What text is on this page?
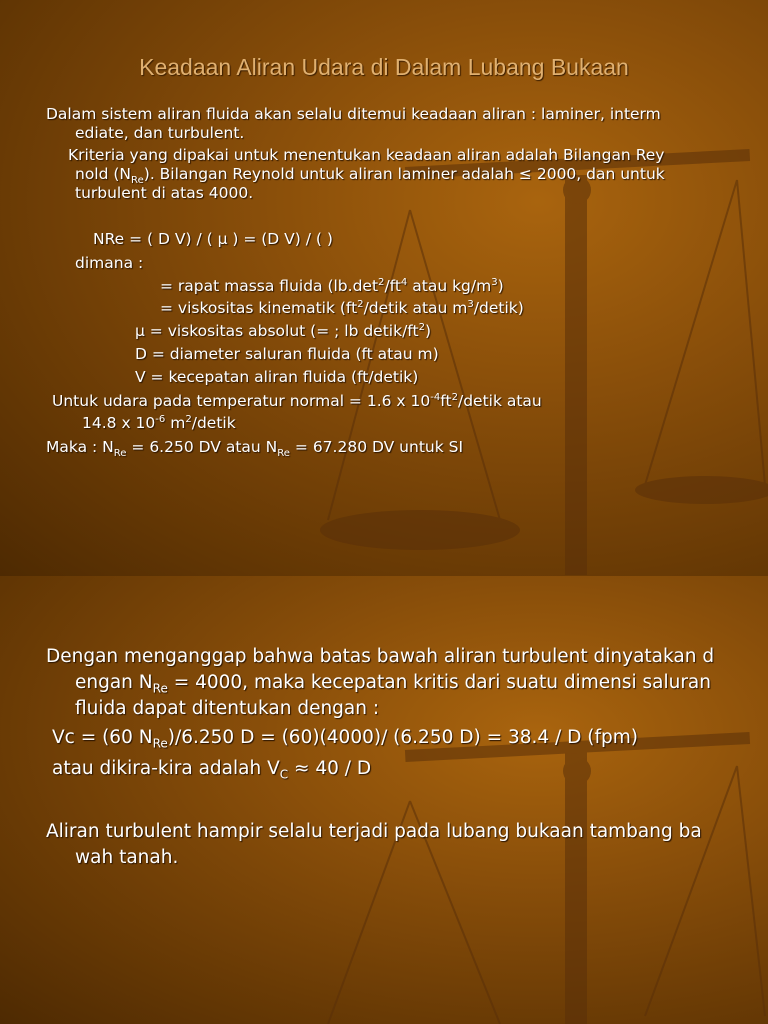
Keadaan Aliran Udara di Dalam Lubang Bukaan
Dalam sistem aliran fluida akan selalu ditemui keadaan aliran : laminer, interm
ediate, dan turbulent.
Kriteria yang dipakai untuk menentukan keadaan aliran adalah Bilangan Rey
nold $(N_{Re})$. Bilangan Reynold untuk aliran laminer adalah ≤ 2000, dan untuk
turbulent di atas 4000.
NRe = ( D V) / ( μ ) = (D V) / ( )
dimana :
= rapat massa fluida ($lb.\det^2/ft^4$ atau $kg/m^3$)
= viskositas kinematik ($ft^2$/detik atau $m^3/detik$)
μ = viskositas absolut (= ; lb detik/$ft^2$)
D = diameter saluran fluida (ft atau m)
V = kecepatan aliran fluida (ft/detik)
Untuk udara pada temperatur normal = 1.6 x $10^{-4}ft^2$/detik atau
14.8 x $10^{-6}$ $m^2$/detik
Maka : $N_{Re} = 6.250$ DV atau $N_{Re} = 67.280$ DV untuk SI
Dengan menganggap bahwa batas bawah aliran turbulent dinyatakan d
engan $N_{Re} = 4000$, maka kecepatan kritis dari suatu dimensi saluran
fluida dapat ditentukan dengan :
Vc = (60 $N_{Re})/6.250$ D = (60)(4000)/ (6.250 D) = 38.4 / D (fpm)
atau dikira-kira adalah $V_C \approx 40 / D$
Aliran turbulent hampir selalu terjadi pada lubang bukaan tambang ba
wah tanah.
